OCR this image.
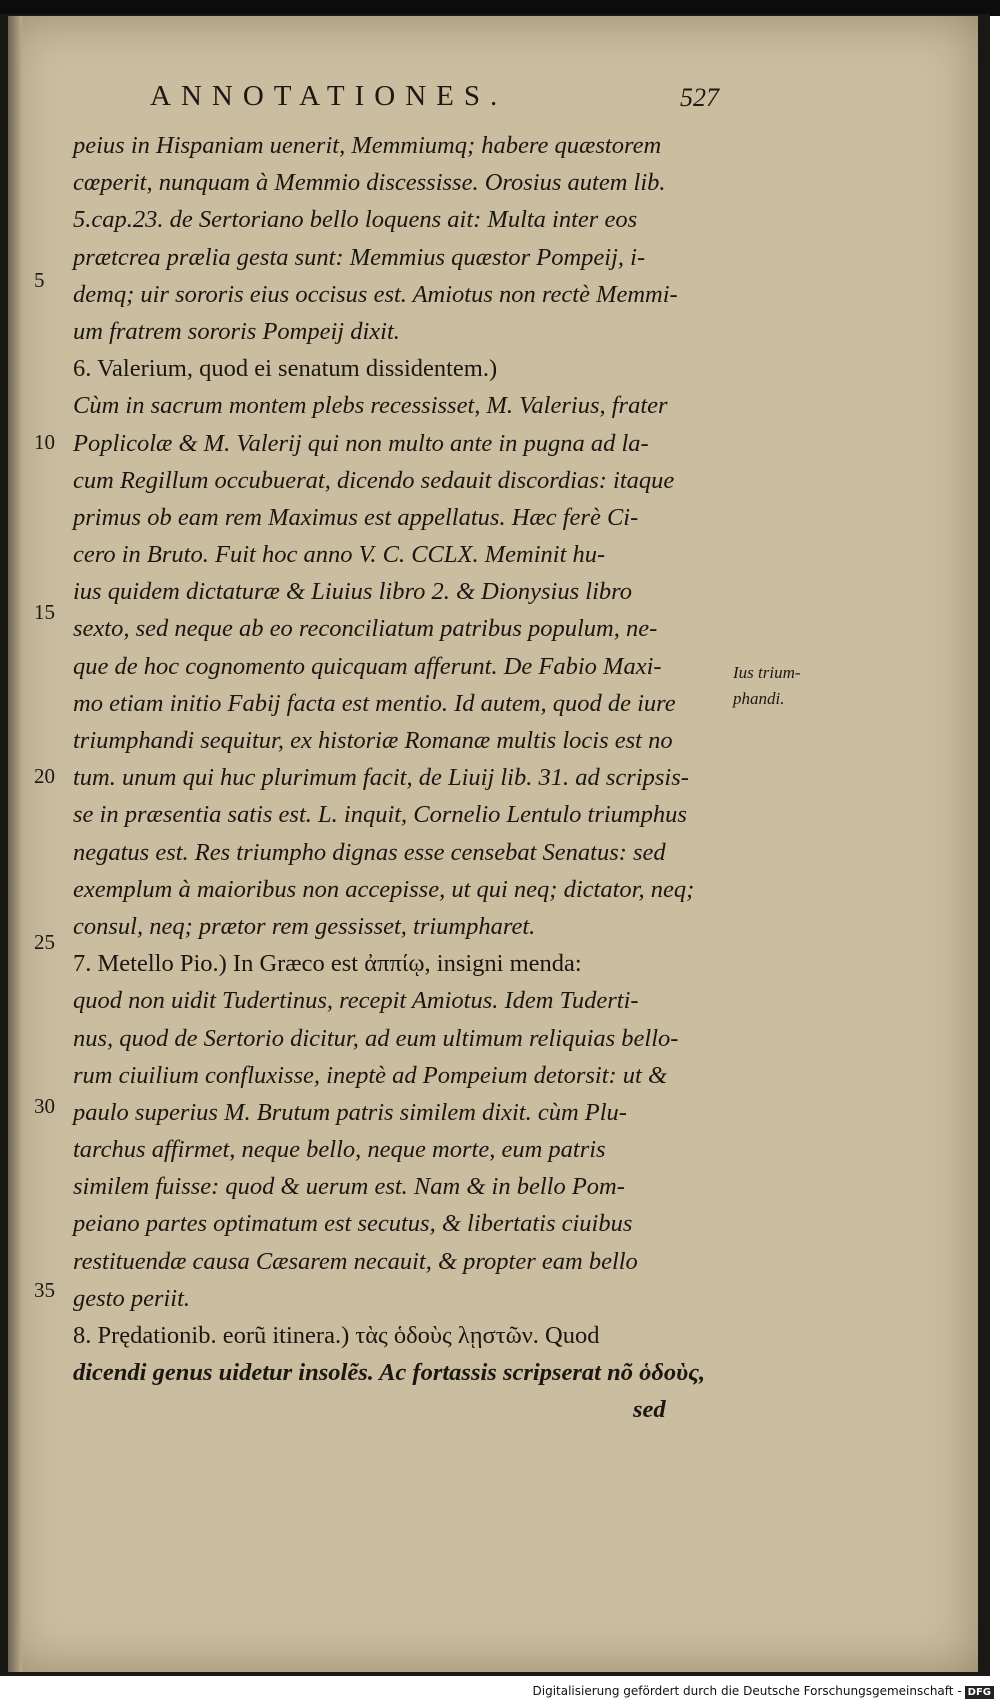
ANNOTATIONES.	527
peius in Hispaniam uenerit, Memmiumq; habere quæstorem
cœperit, nunquam à Memmio discessisse. Orosius autem lib.
5.cap.23. de Sertoriano bello loquens ait: Multa inter eos
prætcrea prælia gesta sunt: Memmius quæstor Pompeij, i-
demq; uir sororis eius occisus est. Amiotus non rectè Memmi-
um fratrem sororis Pompeij dixit.
6. Valerium, quod ei senatum dissidentem.)
Cùm in sacrum montem plebs recessisset, M. Valerius, frater
Poplicolæ & M. Valerij qui non multo ante in pugna ad la-
cum Regillum occubuerat, dicendo sedauit discordias: itaque
primus ob eam rem Maximus est appellatus. Hæc ferè Ci-
cero in Bruto. Fuit hoc anno V. C. CCLX. Meminit hu-
ius quidem dictaturæ & Liuius libro 2. & Dionysius libro
sexto, sed neque ab eo reconciliatum patribus populum, ne-
que de hoc cognomento quicquam afferunt. De Fabio Maxi-
mo etiam initio Fabij facta est mentio. Id autem, quod de iure
triumphandi sequitur, ex historiæ Romanæ multis locis est no
tum. unum qui huc plurimum facit, de Liuij lib. 31. ad scripsis-
se in præsentia satis est. L. inquit, Cornelio Lentulo triumphus
negatus est. Res triumpho dignas esse censebat Senatus: sed
exemplum à maioribus non accepisse, ut qui neq; dictator, neq;
consul, neq; prætor rem gessisset, triumpharet.
7. Metello Pio.) In Græco est ἀππίῳ, insigni menda:
quod non uidit Tudertinus, recepit Amiotus. Idem Tuderti-
nus, quod de Sertorio dicitur, ad eum ultimum reliquias bello-
rum ciuilium confluxisse, ineptè ad Pompeium detorsit: ut &
paulo superius M. Brutum patris similem dixit. cùm Plu-
tarchus affirmet, neque bello, neque morte, eum patris
similem fuisse: quod & uerum est. Nam & in bello Pom-
peiano partes optimatum est secutus, & libertatis ciuibus
restituendæ causa Cæsarem necauit, & propter eam bello
gesto periit.
8. Prędationib. eorũ itinera.) τὰς ὁδοὺς λῃστῶν. Quod
dicendi genus uidetur insolẽs. Ac fortassis scripserat nõ ὁδοὺς,
sed
5
10
15
20
25
30
35
Ius trium-
phandi.
Digitalisierung gefördert durch die Deutsche Forschungsgemeinschaft - DFG
